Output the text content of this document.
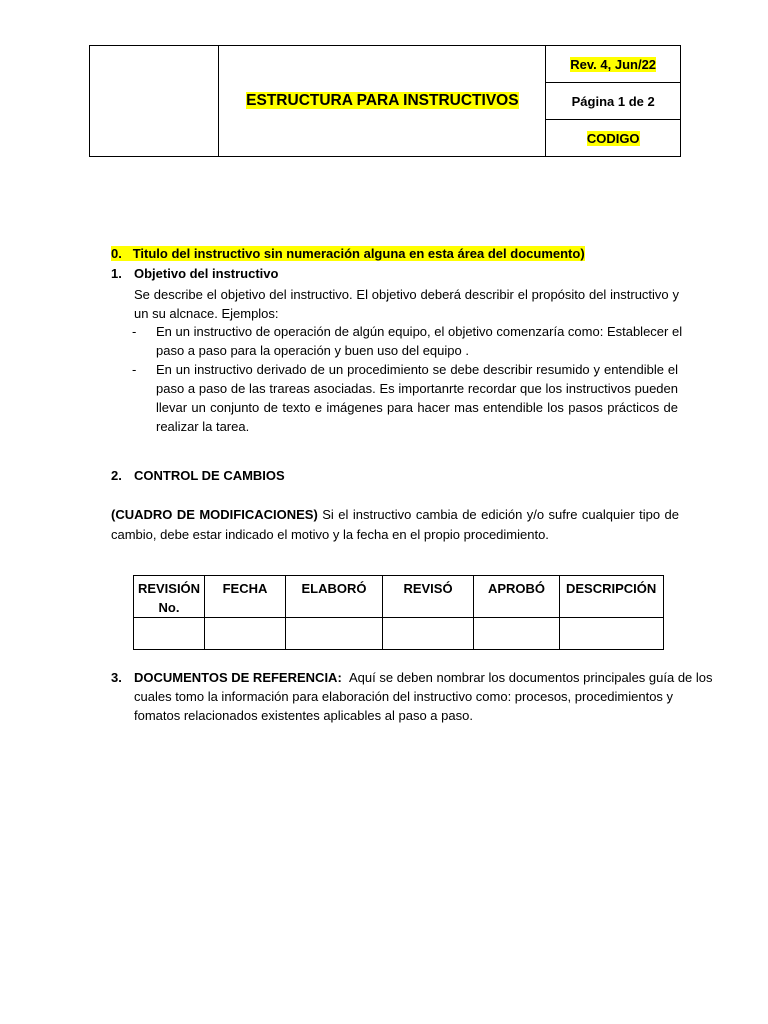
	ESTRUCTURA PARA INSTRUCTIVOS	Rev. 4, Jun/22
Página 1 de 2
CODIGO
0. Titulo del instructivo sin numeración alguna en esta área del documento)
1. Objetivo del instructivo
Se describe el objetivo del instructivo. El objetivo deberá describir el propósito del instructivo y
un su alcnace. Ejemplos:
- En un instructivo de operación de algún equipo, el objetivo comenzaría como: Establecer el
paso a paso para la operación y buen uso del equipo .
- En un instructivo derivado de un procedimiento se debe describir resumido y entendible el
paso a paso de las trareas asociadas. Es importanrte recordar que los instructivos pueden
llevar un conjunto de texto e imágenes para hacer mas entendible los pasos prácticos de
realizar la tarea.
2. CONTROL DE CAMBIOS
(CUADRO DE MODIFICACIONES) Si el instructivo cambia de edición y/o sufre cualquier tipo de
cambio, debe estar indicado el motivo y la fecha en el propio procedimiento.
3. DOCUMENTOS DE REFERENCIA: Aquí se deben nombrar los documentos principales guía de los
cuales tomo la información para elaboración del instructivo como: procesos, procedimientos y
fomatos relacionados existentes aplicables al paso a paso.
REVISIÓN
No.	FECHA	ELABORÓ	REVISÓ	APROBÓ	DESCRIPCIÓN
